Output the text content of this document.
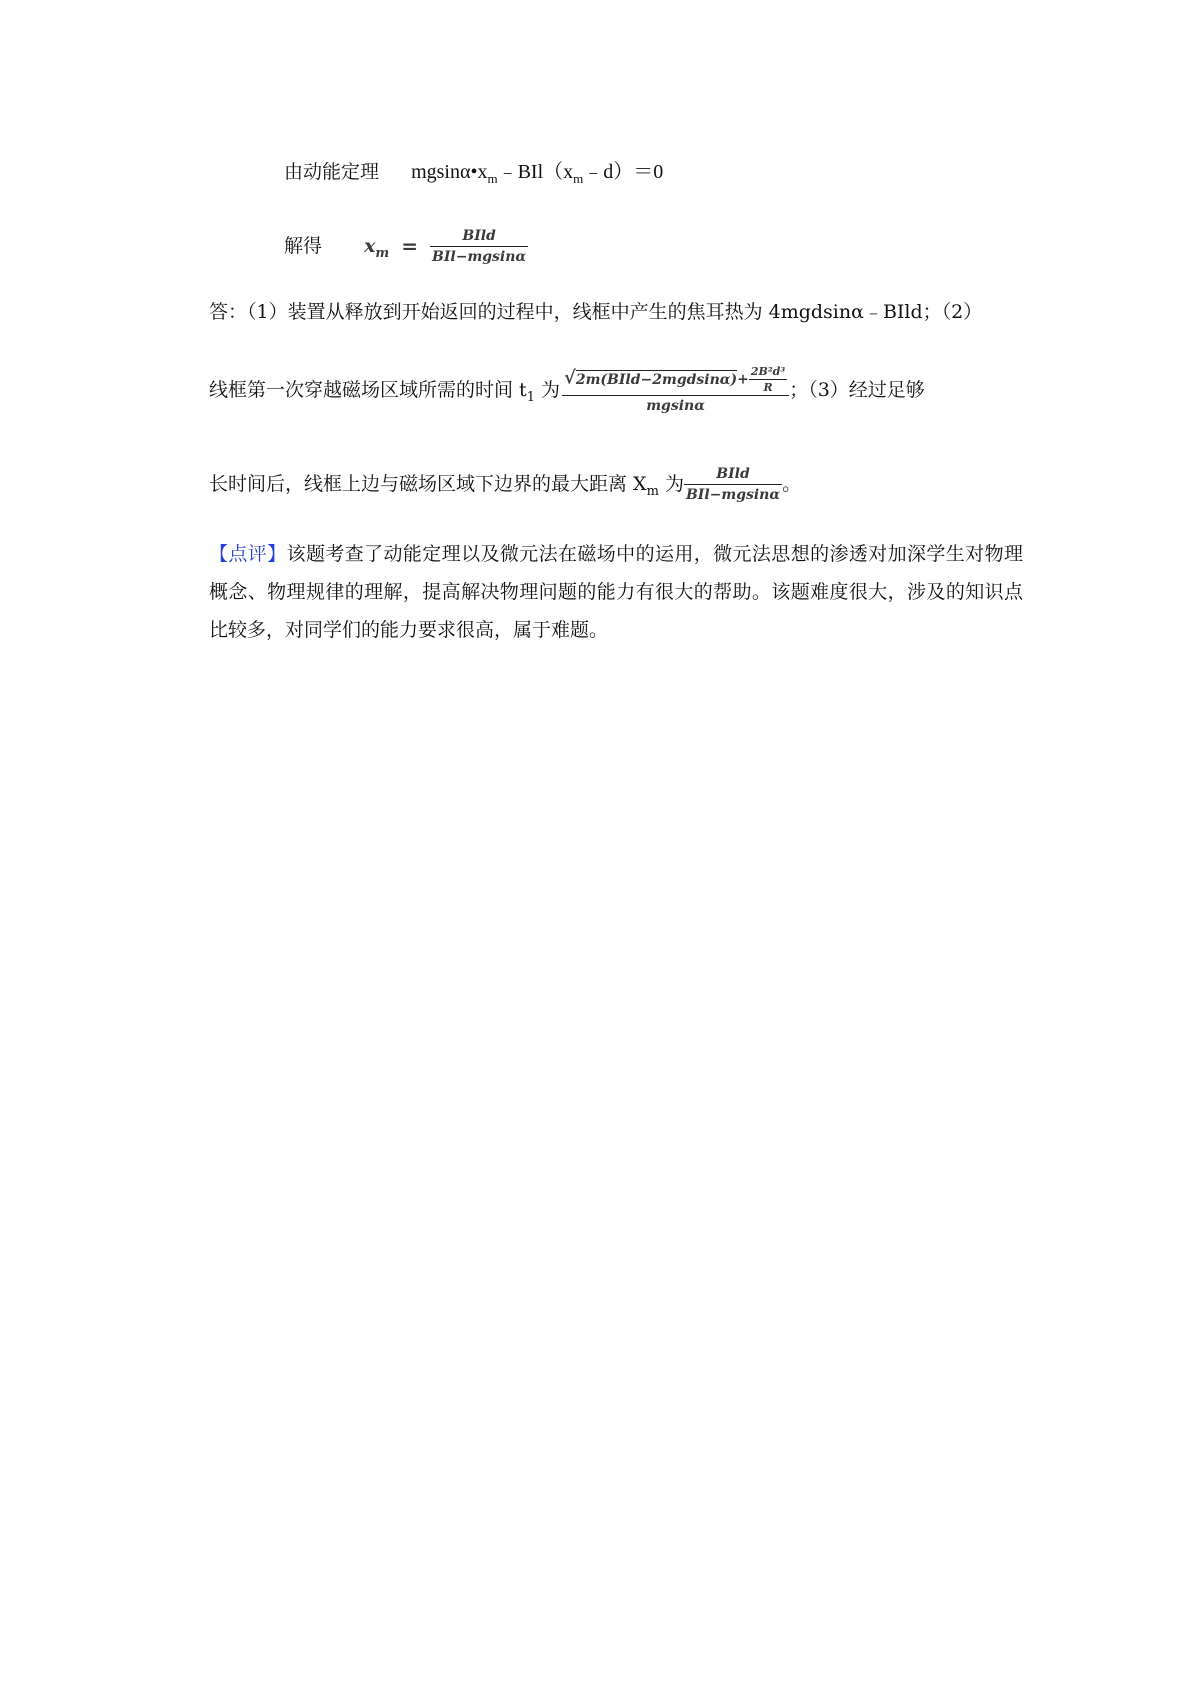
由动能定理 $mgsin\alpha•x_m﹣BIl(x_m﹣d)=0$
解得 $x_m = \frac{\text{BIld}}{\text{BIl−mgsinα}}$
答：（1）装置从释放到开始返回的过程中，线框中产生的焦耳热为 4mgdsinα﹣BIld；（2）
线框第一次穿越磁场区域所需的时间 $t_1$ 为 $\frac{√2m(BIld-2mgdsin\alpha)+ \frac{\text{2B²d³}}{R}}{mgsin\alpha}$ ；（3）经过足够
长时间后，线框上边与磁场区域下边界的最大距离 $X_m$ 为 $\frac{\text{BIld}}{\text{BIl−mgsinα}}$ 。
【点评】该题考查了动能定理以及微元法在磁场中的运用，微元法思想的渗透对加深学生对物理概念、物理规律的理解，提高解决物理问题的能力有很大的帮助。该题难度很大，涉及的知识点比较多，对同学们的能力要求很高，属于难题。
